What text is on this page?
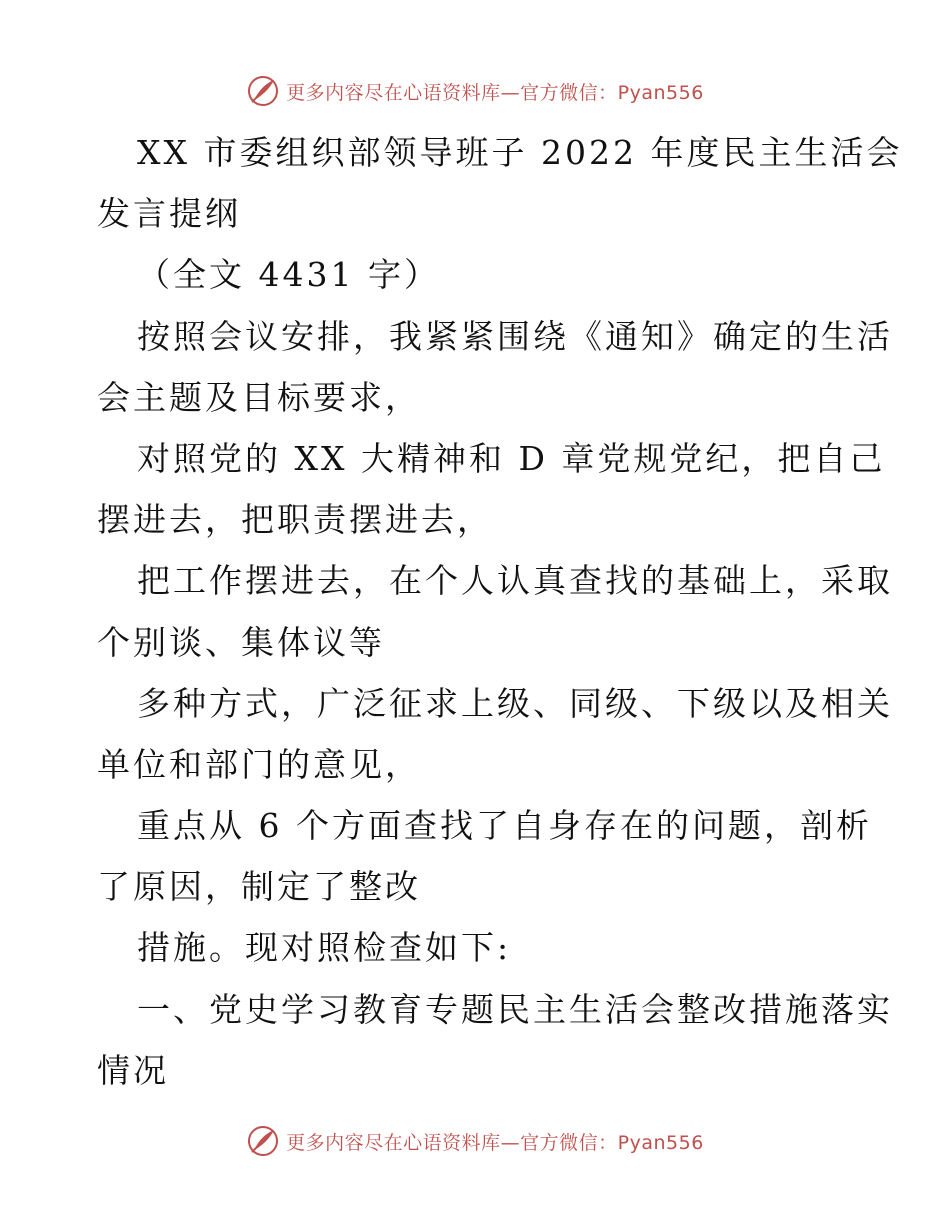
更多内容尽在心语资料库—官方微信：Pyan556
XX 市委组织部领导班子 2022 年度民主生活会
发言提纲
（全文 4431 字）
按照会议安排，我紧紧围绕《通知》确定的生活
会主题及目标要求，
对照党的 XX 大精神和 D 章党规党纪，把自己
摆进去，把职责摆进去，
把工作摆进去，在个人认真查找的基础上，采取
个别谈、集体议等
多种方式，广泛征求上级、同级、下级以及相关
单位和部门的意见，
重点从 6 个方面查找了自身存在的问题，剖析
了原因，制定了整改
措施。现对照检查如下:
一、党史学习教育专题民主生活会整改措施落实
情况
更多内容尽在心语资料库—官方微信：Pyan556
